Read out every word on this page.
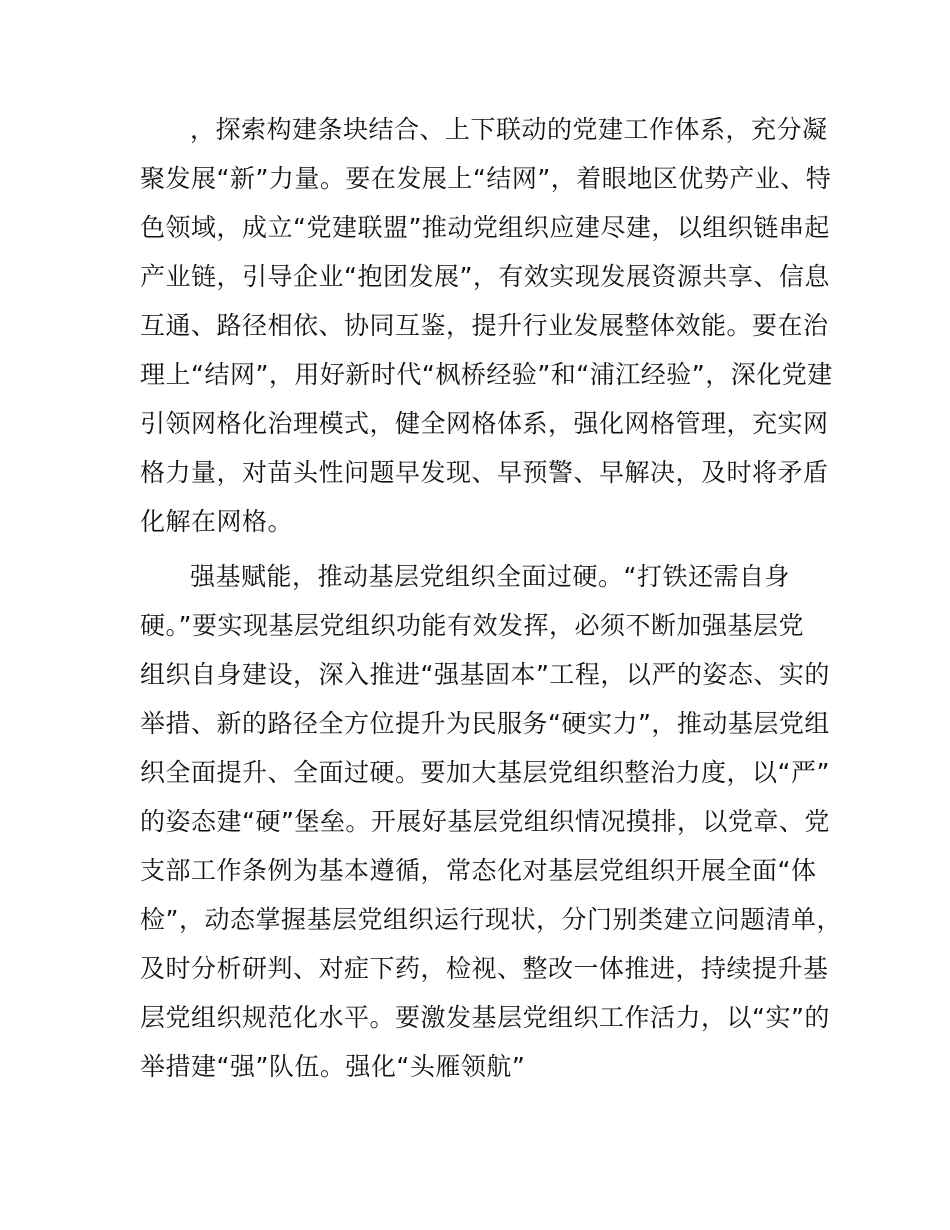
，探索构建条块结合、上下联动的党建工作体系，充分凝
聚发展“新”力量。要在发展上“结网”，着眼地区优势产业、特
色领域，成立“党建联盟”推动党组织应建尽建，以组织链串起
产业链，引导企业“抱团发展”，有效实现发展资源共享、信息
互通、路径相依、协同互鉴，提升行业发展整体效能。要在治
理上“结网”，用好新时代“枫桥经验”和“浦江经验”，深化党建
引领网格化治理模式，健全网格体系，强化网格管理，充实网
格力量，对苗头性问题早发现、早预警、早解决，及时将矛盾
化解在网格。
强基赋能，推动基层党组织全面过硬。“打铁还需自身
硬。”要实现基层党组织功能有效发挥，必须不断加强基层党
组织自身建设，深入推进“强基固本”工程，以严的姿态、实的
举措、新的路径全方位提升为民服务“硬实力”，推动基层党组
织全面提升、全面过硬。要加大基层党组织整治力度，以“严”
的姿态建“硬”堡垒。开展好基层党组织情况摸排，以党章、党
支部工作条例为基本遵循，常态化对基层党组织开展全面“体
检”，动态掌握基层党组织运行现状，分门别类建立问题清单，
及时分析研判、对症下药，检视、整改一体推进，持续提升基
层党组织规范化水平。要激发基层党组织工作活力，以“实”的
举措建“强”队伍。强化“头雁领航”
